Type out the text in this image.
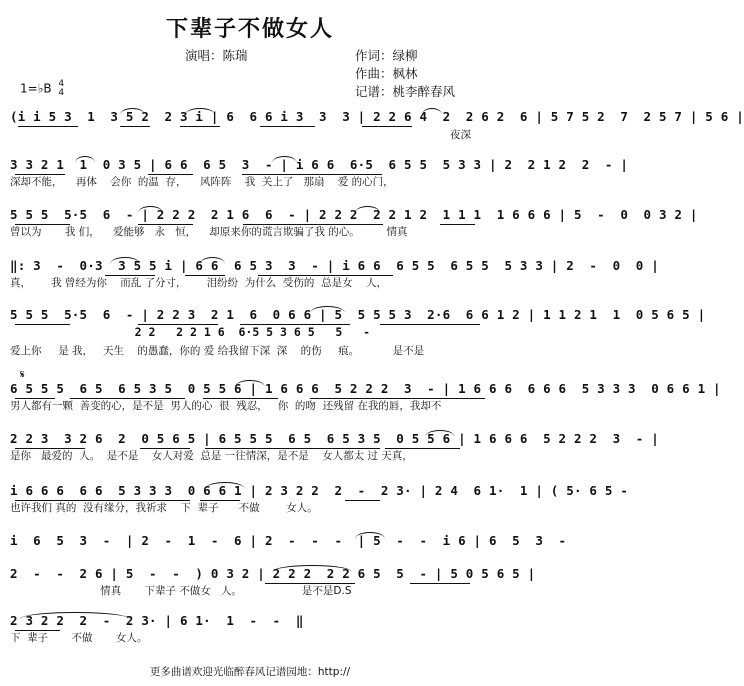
下辈子不做女人
演唱：陈瑞	作词：绿柳
作曲：枫林
记谱：桃李醉春风
1=♭B 4
4
(i i 5 3  1  3 5 2  2 3 i | 6  6 6 i 3  3  3 | 2 2 6 4  2  2 6 2  6 | 5 7 5 2  7  2 5 7 | 5 6 |
夜深
3 3 2 1  1  0 3 5 | 6 6  6 5  3  - | i 6 6  6·5  6 5 5  5 3 3 | 2  2 1 2  2  - |
深却不能，    再体    会你  的温  存，    风阵阵    我  关上了   那扇    爱 的心门，
5 5 5  5·5  6  - | 2 2 2  2 1 6  6  - | 2 2 2  2 2 1 2  1 1 1  1 6 6 6 | 5  -  0  0 3 2 |
曾以为       我 们，    爱能够   永   恒，    却原来你的谎言欺骗了我 的心。        情真
‖: 3  -  0·3  3 5 5 i | 6 6  6 5 3  3  - | i 6 6  6 5 5  6 5 5  5 3 3 | 2  -  0  0 |
真，      我 曾经为你    而乱 了分寸，      泪纷纷  为什么  受伤的  总是女    人，
5 5 5  5·5  6  - | 2 2 3  2 1  6  0 6 6 | 5  5 5 5 3  2·6  6 6 1 2 | 1 1 2 1  1  0 5 6 5 |
2 2   2 2 1 6  6·5 5 3 6 5   5   -
爱上你     是 我，   天生    的愚蠢，你的 爱 给我留下深  深    的伤     痕。          是不是
𝄋
6 5 5 5  6 5  6 5 3 5  0 5 5 6 | 1 6 6 6  5 2 2 2  3  - | 1 6 6 6  6 6 6  5 3 3 3  0 6 6 1 |
男人都有一颗  善变的心，是不是  男人的心  很  残忍，   你  的吻  还残留 在我的唇，我却不
2 2 3  3 2 6  2  0 5 6 5 | 6 5 5 5  6 5  6 5 3 5  0 5 5 6 | 1 6 6 6  5 2 2 2  3  - |
是你   最爱的  人。  是不是    女人对爱  总是 一往情深，是不是    女人都太 过 天真，
i 6 6 6  6 6  5 3 3 3  0 6 6 1 | 2 3 2 2  2  -  2 3· | 2 4  6 1·  1 | ( 5· 6 5 -
也许我们 真的  没有缘分，我祈求    下  辈子      不做        女人。
i  6  5  3  -  | 2  -  1  -  6 | 2  -  -  -  | 5  -  -  i 6 | 6  5  3  -
2  -  -  2 6 | 5  -  -  ) 0 3 2 | 2 2 2  2 2 6 5  5  - | 5 0 5 6 5 |
情真       下辈子 不做女   人。                  是不是D.S
2 3 2 2  2  -  2 3· | 6 1·  1  -  -  ‖
下  辈子       不做       女人。
更多曲谱欢迎光临醉春风记谱园地：http://
